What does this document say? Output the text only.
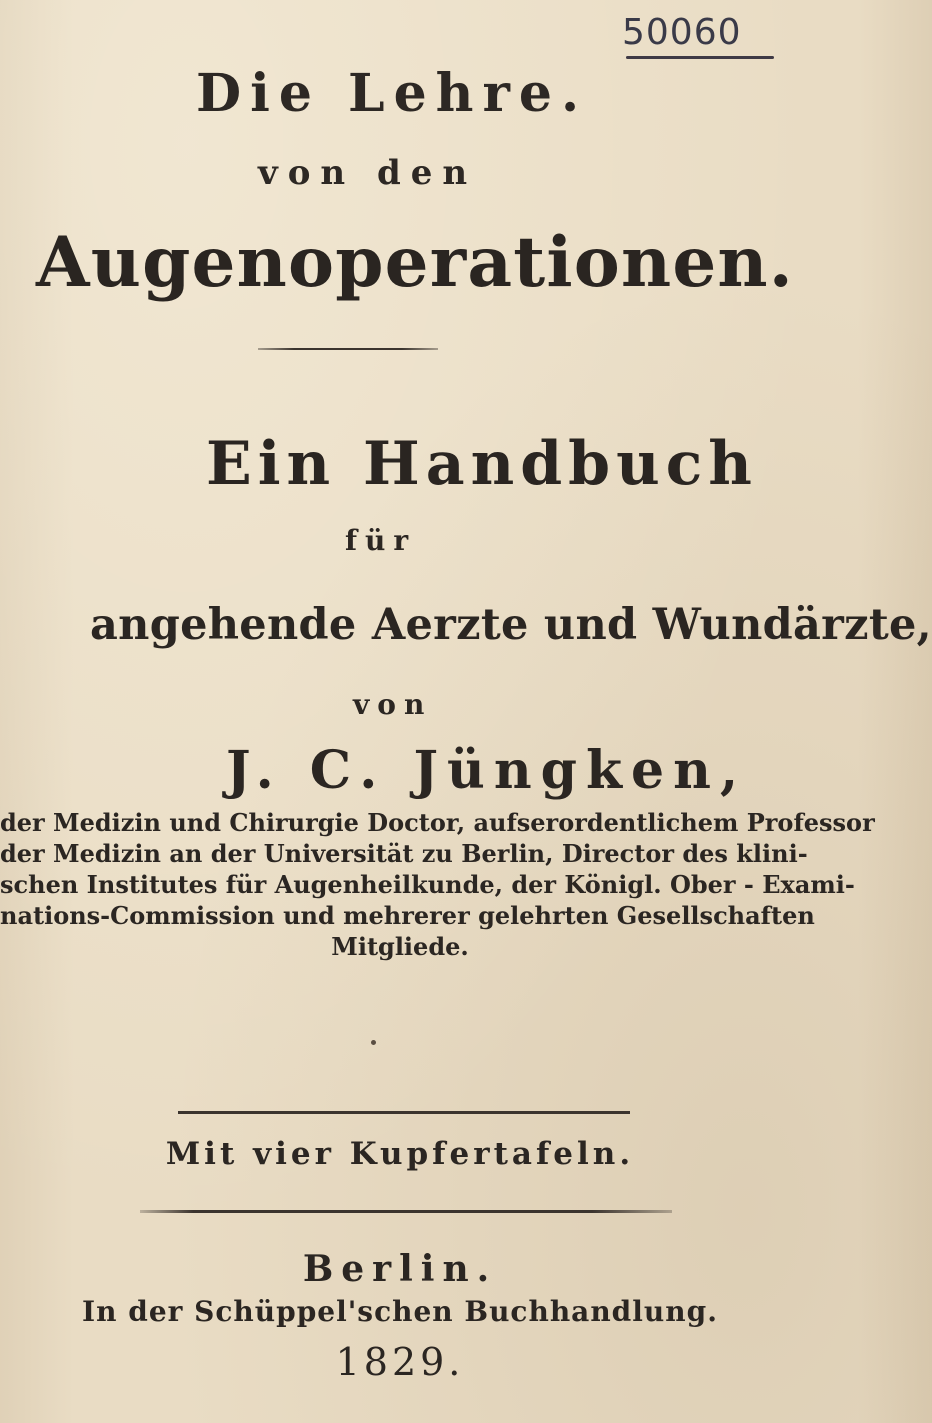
50060

Die Lehre.

von den

Augenoperationen.

Ein Handbuch

für

angehende Aerzte und Wundärzte,

von

J. C. Jüngken,

der Medizin und Chirurgie Doctor, aufserordentlichem Professor

der Medizin an der Universität zu Berlin, Director des klini-

schen Institutes für Augenheilkunde, der Königl. Ober - Exami-

nations-Commission und mehrerer gelehrten Gesellschaften

Mitgliede.

Mit vier Kupfertafeln.

Berlin.

In der Schüppel'schen Buchhandlung.

1829.
